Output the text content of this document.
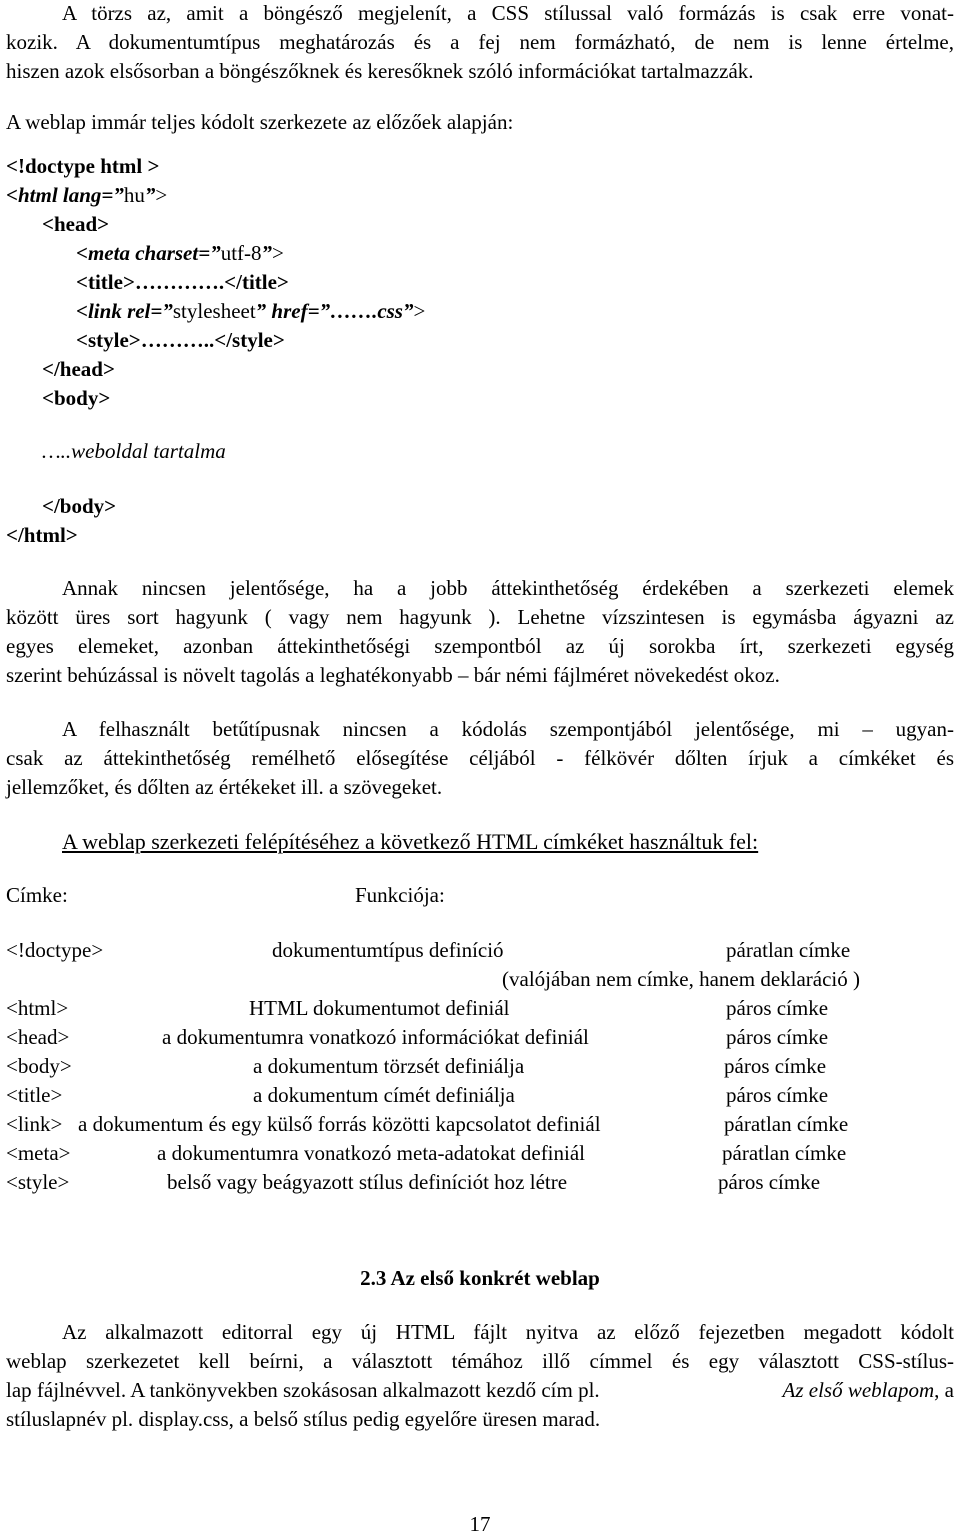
A törzs az, amit a böngésző megjelenít, a CSS stílussal való formázás is csak erre vonat-
kozik. A dokumentumtípus meghatározás és a fej nem formázható, de nem is lenne értelme,
hiszen azok elsősorban a böngészőknek és keresőknek szóló információkat tartalmazzák.
A weblap immár teljes kódolt szerkezete az előzőek alapján:
<!doctype html >
<html lang=”hu”>
<head>
<meta charset=”utf-8”>
<title>………….</title>
<link rel=”stylesheet” href=”…….css”>
<style>………..</style>
</head>
<body>
…..weboldal tartalma
</body>
</html>
Annak nincsen jelentősége, ha a jobb áttekinthetőség érdekében a szerkezeti elemek
között üres sort hagyunk ( vagy nem hagyunk ). Lehetne vízszintesen is egymásba ágyazni az
egyes elemeket, azonban áttekinthetőségi szempontból az új sorokba írt, szerkezeti egység
szerint behúzással is növelt tagolás a leghatékonyabb – bár némi fájlméret növekedést okoz.
A felhasznált betűtípusnak nincsen a kódolás szempontjából jelentősége, mi – ugyan-
csak az áttekinthetőség remélhető elősegítése céljából - félkövér dőlten írjuk a címkéket és
jellemzőket, és dőlten az értékeket ill. a szövegeket.
A weblap szerkezeti felépítéséhez a következő HTML címkéket használtuk fel:
Címke:	Funkciója:
<!doctype>	dokumentumtípus definíció	páratlan címke
(valójában nem címke, hanem deklaráció )
<html>	HTML dokumentumot definiál	páros címke
<head>	a dokumentumra vonatkozó információkat definiál	páros címke
<body>	a dokumentum törzsét definiálja	páros címke
<title>	a dokumentum címét definiálja	páros címke
<link> a dokumentum és egy külső forrás közötti kapcsolatot definiál	páratlan címke
<meta>	a dokumentumra vonatkozó meta-adatokat definiál	páratlan címke
<style>	belső vagy beágyazott stílus definíciót hoz létre	páros címke
2.3 Az első konkrét weblap
Az alkalmazott editorral egy új HTML fájlt nyitva az előző fejezetben megadott kódolt
weblap szerkezetet kell beírni, a választott témához illő címmel és egy választott CSS-stílus-
lap fájlnévvel. A tankönyvekben szokásosan alkalmazott kezdő cím pl.	Az első weblapom, a
stíluslapnév pl. display.css, a belső stílus pedig egyelőre üresen marad.
17
